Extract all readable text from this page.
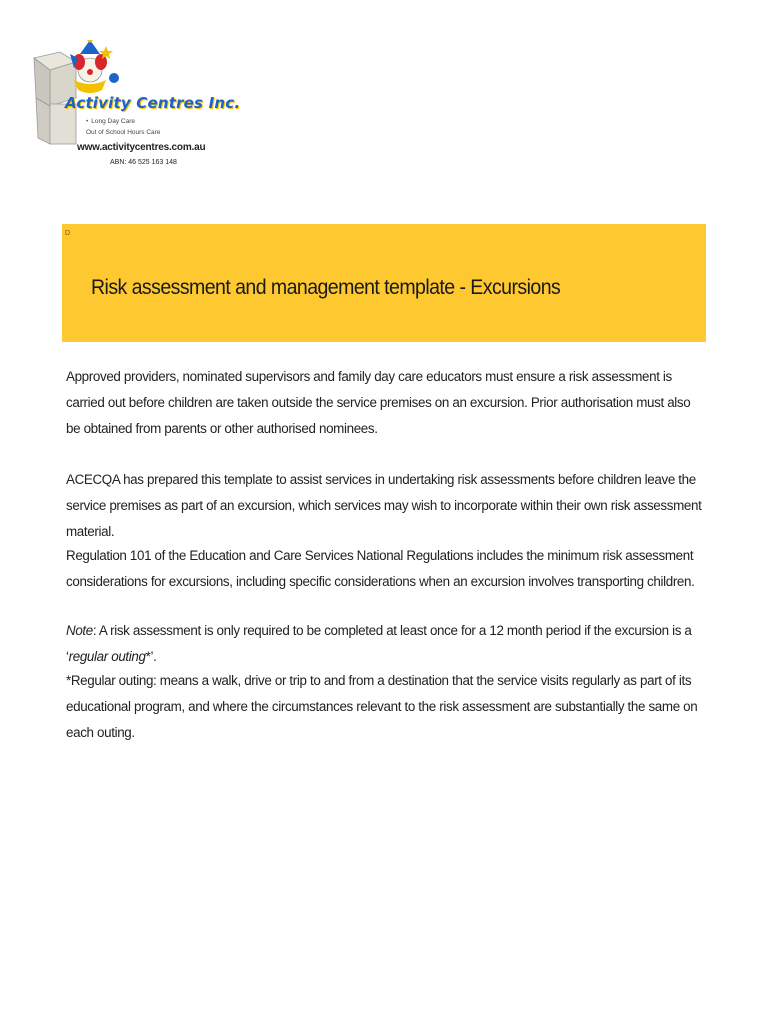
Activity Centres Inc.
• Long Day Care
Out of School Hours Care
www.activitycentres.com.au
ABN: 46 525 163 148
D
Risk assessment and management template - Excursions

Approved providers, nominated supervisors and family day care educators must ensure a risk assessment is carried out before children are taken outside the service premises on an excursion. Prior authorisation must also be obtained from parents or other authorised nominees.

ACECQA has prepared this template to assist services in undertaking risk assessments before children leave the service premises as part of an excursion, which services may wish to incorporate within their own risk assessment material.

Regulation 101 of the Education and Care Services National Regulations includes the minimum risk assessment considerations for excursions, including specific considerations when an excursion involves transporting children.

Note: A risk assessment is only required to be completed at least once for a 12 month period if the excursion is a ‘regular outing*’.

*Regular outing: means a walk, drive or trip to and from a destination that the service visits regularly as part of its educational program, and where the circumstances relevant to the risk assessment are substantially the same on each outing.
